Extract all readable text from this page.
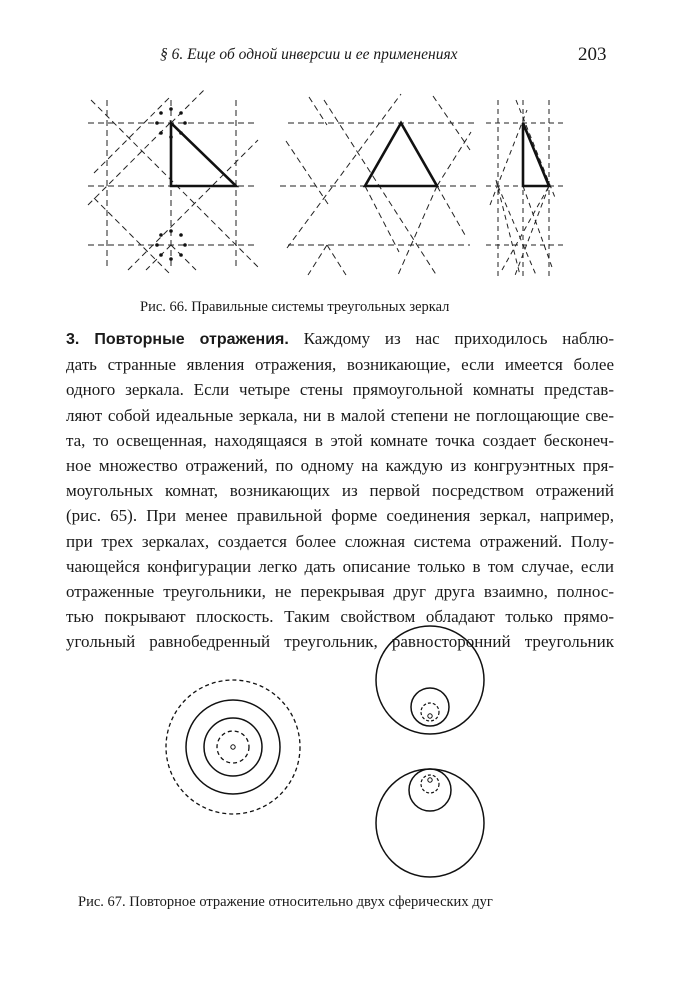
§ 6. Еще об одной инверсии и ее применениях	203
Рис. 66. Правильные системы треугольных зеркал
3. Повторные отражения. Каждому из нас приходилось наблю-
дать странные явления отражения, возникающие, если имеется более
одного зеркала. Если четыре стены прямоугольной комнаты представ-
ляют собой идеальные зеркала, ни в малой степени не поглощающие све-
та, то освещенная, находящаяся в этой комнате точка создает бесконеч-
ное множество отражений, по одному на каждую из конгруэнтных пря-
моугольных комнат, возникающих из первой посредством отражений
(рис. 65). При менее правильной форме соединения зеркал, например,
при трех зеркалах, создается более сложная система отражений. Полу-
чающейся конфигурации легко дать описание только в том случае, если
отраженные треугольники, не перекрывая друг друга взаимно, полнос-
тью покрывают плоскость. Таким свойством обладают только прямо-
угольный равнобедренный треугольник, равносторонний треугольник
Рис. 67. Повторное отражение относительно двух сферических дуг
